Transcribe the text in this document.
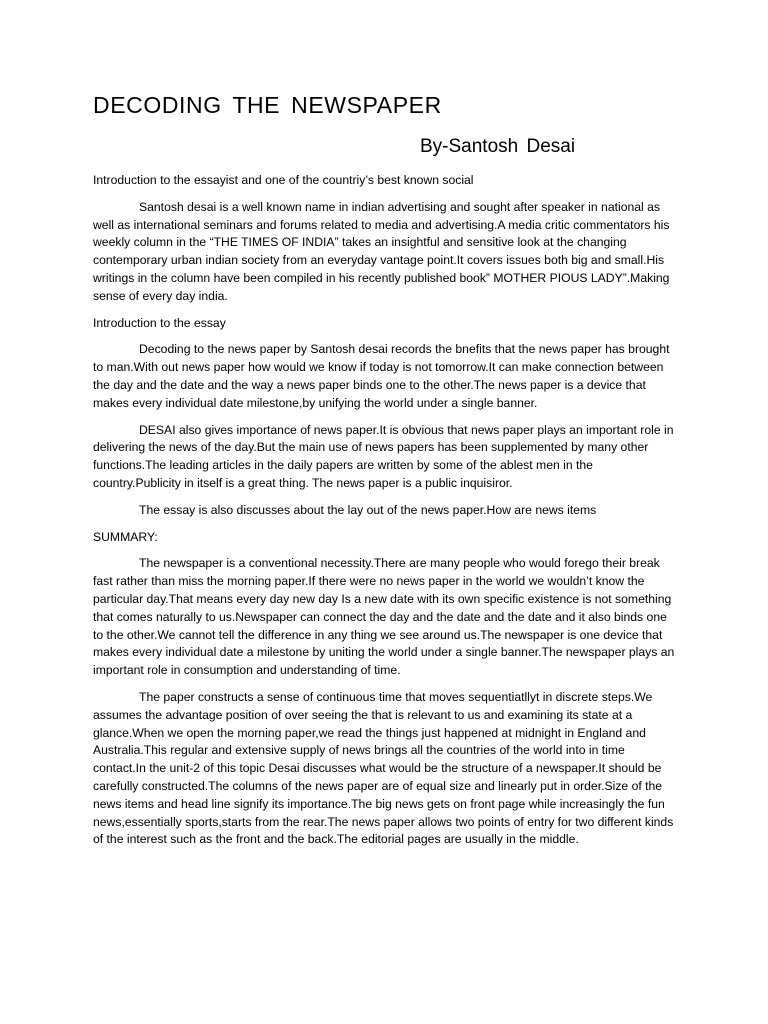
DECODING THE NEWSPAPER
By-Santosh Desai

Introduction to the essayist and one of the countriy’s best known social

Santosh desai is a well known name in indian advertising and sought after speaker in national as well as international seminars and forums related to media and advertising.A media critic commentators his weekly column in the “THE TIMES OF INDIA” takes an insightful and sensitive look at the changing contemporary urban indian society from an everyday vantage point.It covers issues both big and small.His writings in the column have been compiled in his recently published book” MOTHER PIOUS LADY”.Making sense of every day india.

Introduction to the essay

Decoding to the news paper by Santosh desai records the bnefits that the news paper has brought to man.With out news paper how would we know if today is not tomorrow.It can make connection between the day and the date and the way a news paper binds one to the other.The news paper is a device that makes every individual date milestone,by unifying the world under a single banner.

DESAI also gives importance of news paper.It is obvious that news paper plays an important role in delivering the news of the day.But the main use of news papers has been supplemented by many other functions.The leading articles in the daily papers are written by some of the ablest men in the country.Publicity in itself is a great thing. The news paper is a public inquisiror.

The essay is also discusses about the lay out of the news paper.How are news items

SUMMARY:

The newspaper is a conventional necessity.There are many people who would forego their break fast rather than miss the morning paper.If there were no news paper in the world we wouldn’t know the particular day.That means every day new day Is a new date with its own specific existence is not something that comes naturally to us.Newspaper can connect the day and the date and the date and it also binds one to the other.We cannot tell the difference in any thing we see around us.The newspaper is one device that makes every individual date a milestone by uniting the world under a single banner.The newspaper plays an important role in consumption and understanding of time.

The paper constructs a sense of continuous time that moves sequentiatllyt in discrete steps.We assumes the advantage position of over seeing the that is relevant to us and examining its state at a glance.When we open the morning paper,we read the things just happened at midnight in England and Australia.This regular and extensive supply of news brings all the countries of the world into in time contact.In the unit-2 of this topic Desai discusses what would be the structure of a newspaper.It should be carefully constructed.The columns of the news paper are of equal size and linearly put in order.Size of the news items and head line signify its importance.The big news gets on front page while increasingly the fun news,essentially sports,starts from the rear.The news paper allows two points of entry for two different kinds of the interest such as the front and the back.The editorial pages are usually in the middle.
